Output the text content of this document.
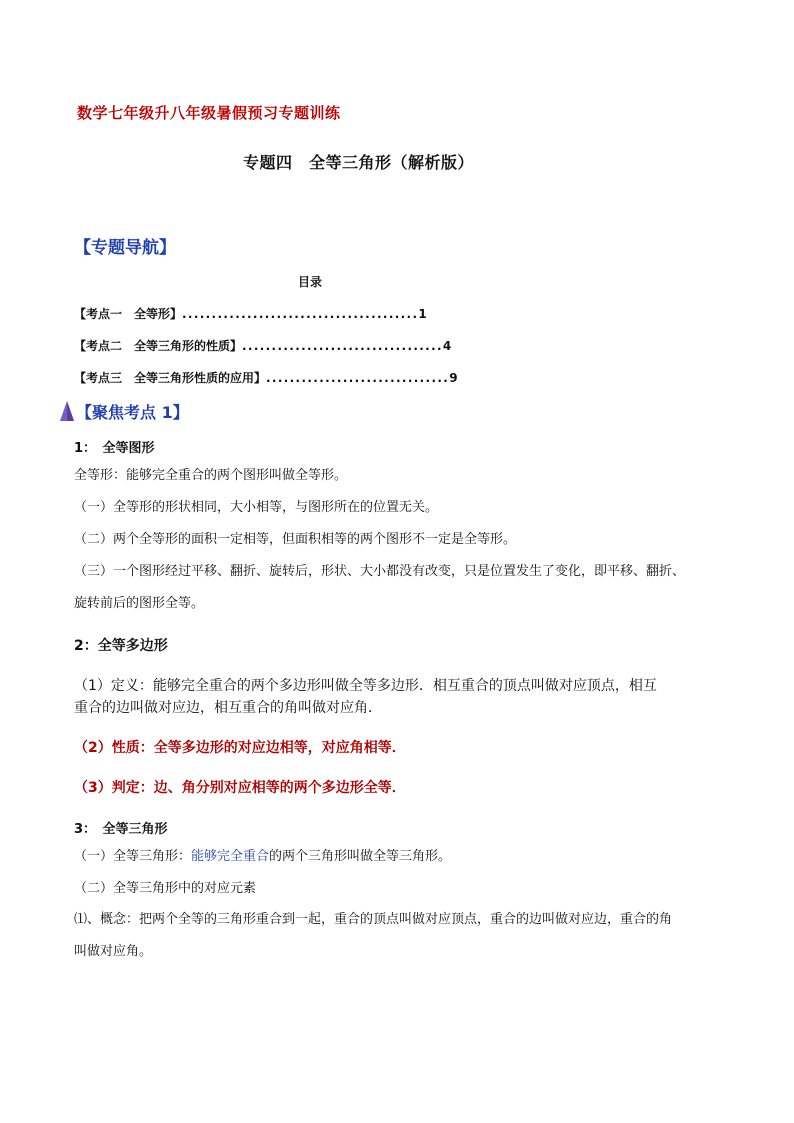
数学七年级升八年级暑假预习专题训练
专题四　全等三角形（解析版）
【专题导航】
目录
【考点一　全等形】........................................1
【考点二　全等三角形的性质】..................................4
【考点三　全等三角形性质的应用】...............................9
【聚焦考点 1】
1：　全等图形
全等形：能够完全重合的两个图形叫做全等形。
（一）全等形的形状相同，大小相等，与图形所在的位置无关。
（二）两个全等形的面积一定相等，但面积相等的两个图形不一定是全等形。
（三）一个图形经过平移、翻折、旋转后，形状、大小都没有改变，只是位置发生了变化，即平移、翻折、
旋转前后的图形全等。
2：全等多边形
（1）定义：能够完全重合的两个多边形叫做全等多边形．相互重合的顶点叫做对应顶点，相互
重合的边叫做对应边，相互重合的角叫做对应角．
（2）性质：全等多边形的对应边相等，对应角相等．
（3）判定：边、角分别对应相等的两个多边形全等．
3：　全等三角形
（一）全等三角形：能够完全重合的两个三角形叫做全等三角形。
（二）全等三角形中的对应元素
⑴、概念：把两个全等的三角形重合到一起，重合的顶点叫做对应顶点，重合的边叫做对应边，重合的角
叫做对应角。
